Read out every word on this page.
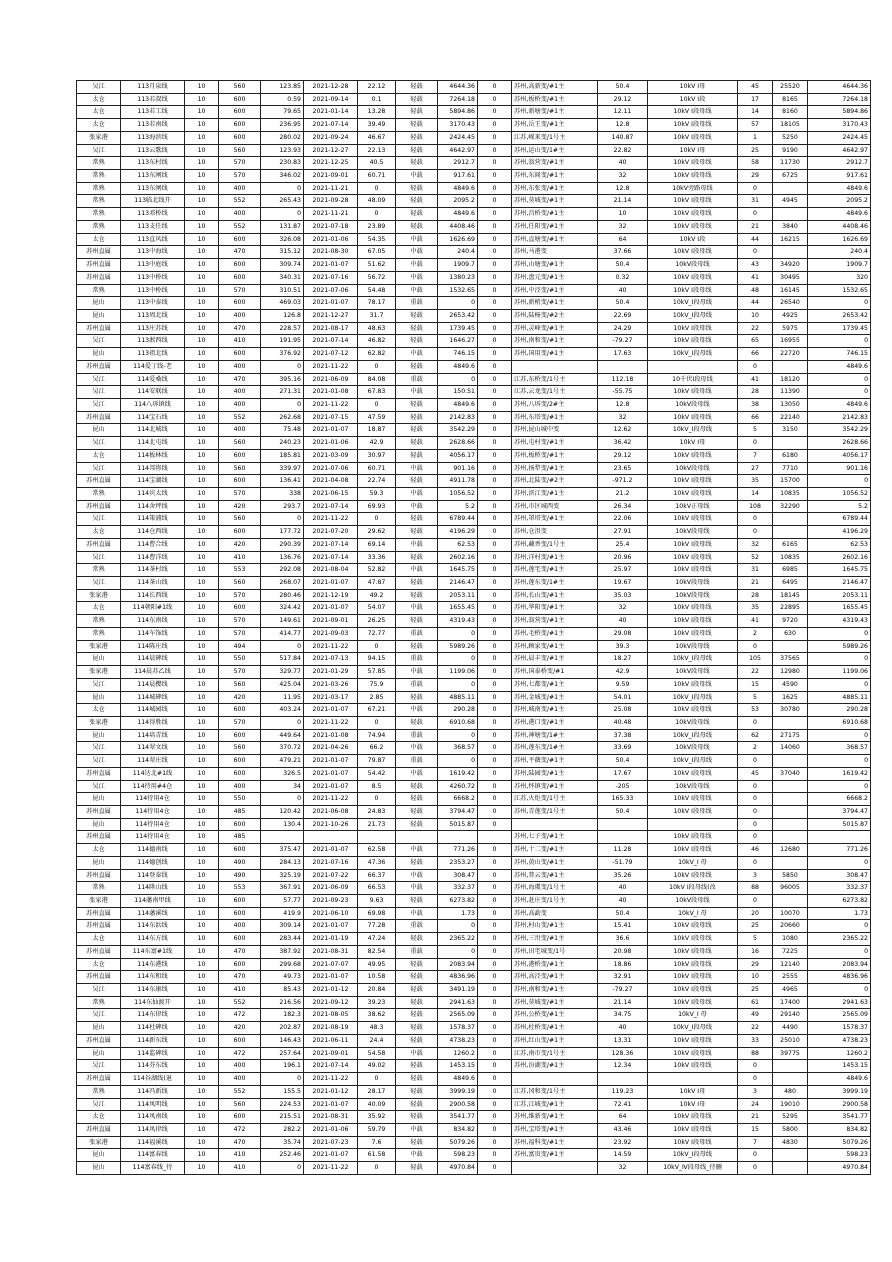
吴江	113月泉线	10	560	123.85	2021-12-28	22.12	轻载	4644.36	0	苏州,高新变/#1主	50.4	10kV I母	45	25520	4644.36
太仓	113若叔线	10	600	0.59	2021-09-14	0.1	轻载	7264.18	0	苏州,板桥变/#1主	29.12	10kV I段	17	8165	7264.18
太仓	113若工线	10	600	79.65	2021-01-14	13.28	轻载	5894.86	0	苏州,新塘变/#1主	12.11	10kV I段母线	14	8160	5894.86
太仓	113若南线	10	600	236.95	2021-07-14	39.49	轻载	3170.43	0	苏州,岳王变/#1主	12.8	10kV I段母线	57	18105	3170.43
张家港	113海滨线	10	600	280.02	2021-09-24	46.67	轻载	2424.45	0	江苏,嵘来变/1号主	140.87	10kV I段母线	1	5250	2424.45
吴江	113云歌线	10	560	123.93	2021-12-27	22.13	轻载	4642.97	0	苏州,运山变/1#主	22.82	10kV I母	25	9190	4642.97
常熟	113东村线	10	570	230.83	2021-12-25	40.5	轻载	2912.7	0	苏州,翁营变/#1主	40	10kV I段母线	58	11730	2912.7
常熟	113东闸线	10	570	346.02	2021-09-01	60.71	中载	917.61	0	苏州,东闾变/#1主	32	10kV I段母线	29	6725	917.61
常熟	113东闸线	10	400	0	2021-11-21	0	轻载	4849.6	0	苏州,东张变/#1主	12.8	10kV旁路母线	0		4849.6
常熟	113临北线开	10	552	265.43	2021-09-28	48.09	轻载	2095.2	0	苏州,莫城变/#1主	21.14	10kV I段母线	31	4945	2095.2
常熟	113邓桥线	10	400	0	2021-11-21	0	轻载	4849.6	0	苏州,昌桥变/#1主	10	10kV I段母线	0		4849.6
常熟	113支任线	10	552	131.87	2021-07-18	23.89	轻载	4408.46	0	苏州,任阳变/#1主	32	10kV I段母线	21	3840	4408.46
太仓	113直风线	10	600	326.08	2021-01-06	54.35	中载	1626.69	0	苏州,直塘变/#1主	64	10kV I段	44	16215	1626.69
苏州直属	113中海线	10	470	315.12	2021-08-30	67.05	中载	240.4	0	苏州,马港变	37.66	10kV I段母线	0		240.4
苏州直属	113中庭线	10	600	309.74	2021-01-07	51.62	中载	1909.7	0	苏州,山塘变/#1主	50.4	10kV段母线	43	34920	1909.7
苏州直属	113中桥线	10	600	340.31	2021-07-16	56.72	中载	1380.23	0	苏州,盘元变/#1主	0.32	10kV I段母线	41	30495	320
常熟	113中桥线	10	570	310.51	2021-07-06	54.48	中载	1532.65	0	苏州,中泾变/#1主	40	10kV I段母线	48	16145	1532.65
昆山	113中泰线	10	600	469.03	2021-01-07	78.17	重载	0	0	苏州,新梢变/#1主	50.4	10kV_I段母线	44	26540	0
昆山	113周北线	10	400	126.8	2021-12-27	31.7	轻载	2653.42	0	苏州,陆杨变/#2主	22.69	10kV_I段母线	10	4925	2653.42
苏州直属	113庄苏线	10	470	228.57	2021-08-17	48.63	轻载	1739.45	0	苏州,灵峰变/#1主	24.29	10kV I段母线	22	5975	1739.45
吴江	113淞西线	10	410	191.95	2021-07-14	46.82	轻载	1646.27	0	苏州,南和变/#1主	-79.27	10kV I段母线	65	16955	0
昆山	113祖北线	10	600	376.92	2021-07-12	62.82	中载	746.15	0	苏州,国用变/#1主	17.63	10kV_I段母线	66	22720	746.15
苏州直属	114爱丁线-老	10	400	0	2021-11-22	0	轻载	4849.6	0				0		4849.6
吴江	114爱桑线	10	470	395.16	2021-06-09	84.08	重载	0	0	江苏,东桥变/1号主	112.18	10千伏I段母线	41	18120	0
吴江	114安联线	10	400	271.31	2021-01-08	67.83	中载	150.51	0	江苏,云龙变/1号主	-55.75	10kV I段母线	28	11390	0
吴江	114八坼镇线	10	400	0	2021-11-22	0	轻载	4849.6	0	苏州,八坼变/2#主	12.8	10kV段母线	38	13050	4849.6
苏州直属	114宝石线	10	552	262.68	2021-07-15	47.59	轻载	2142.83	0	苏州,东塔变/#1主	32	10kV I段母线	66	22140	2142.83
昆山	114北城线	10	400	75.48	2021-01-07	18.87	轻载	3542.29	0	苏州,昆山城中变	12.62	10kV_I段母线	5	3150	3542.29
吴江	114北屯线	10	560	240.23	2021-01-06	42.9	轻载	2628.66	0	苏州,屯村变/#1主	36.42	10kV I母	0		2628.66
太仓	114板林线	10	600	185.81	2021-03-09	30.97	轻载	4056.17	0	苏州,板桥变/#1主	29.12	10kV I段母线	7	6180	4056.17
吴江	114邦将线	10	560	339.97	2021-07-06	60.71	中载	901.16	0	苏州,扬犁变/#1主	23.65	10kV段母线	27	7710	901.16
苏州直属	114宝湖线	10	600	136.41	2021-04-08	22.74	轻载	4911.78	0	苏州,北陆变/#2主	-971.2	10kV I段母线	35	15700	0
常熟	114宾太线	10	570	338	2021-06-15	59.3	中载	1056.52	0	苏州,滨江变/#1主	21.2	10kV I段母线	14	10835	1056.52
苏州直属	114舍坪线	10	420	293.7	2021-07-14	69.93	中载	5.2	0	苏州,市区城西变	26.34	10kV正母线	108	32290	5.2
吴江	114策浦线	10	560	0	2021-11-22	0	轻载	6789.44	0	苏州,罩塔变/#1主	22.06	10kV I段母线	0		6789.44
太仓	114仓西线	10	600	177.72	2021-07-20	29.62	轻载	4196.29	0	苏州,仓沮变	27.91	10kV段母线	0		4196.29
苏州直属	114曹合线	10	420	290.39	2021-07-14	69.14	中载	62.53	0	苏州,藏香变/1号主	25.4	10kV I段母线	32	6165	62.53
吴江	114曹洋线	10	410	136.76	2021-07-14	33.36	轻载	2602.16	0	苏州,洋村变/#1主	20.96	10kV I段母线	52	10835	2602.16
常熟	114茶村线	10	553	292.08	2021-08-04	52.82	中载	1645.75	0	苏州,莲宅变/#1主	25.97	10kV I段母线	31	6985	1645.75
吴江	114茶山线	10	560	268.07	2021-01-07	47.87	轻载	2146.47	0	苏州,莲东变/1#主	19.67	10kV段母线	21	6495	2146.47
张家港	114长西线	10	570	280.46	2021-12-19	49.2	轻载	2053.11	0	苏州,长山变/#1主	35.03	10kV段母线	28	18145	2053.11
太仓	114朝阳#1线	10	600	324.42	2021-01-07	54.07	中载	1655.45	0	苏州,华阳变/#1主	32	10kV I段母线	35	22895	1655.45
常熟	114东南线	10	570	149.61	2021-09-01	26.25	轻载	4319.43	0	苏州,翁营变/#1主	40	10kV I段母线	41	9720	4319.43
常熟	114车饰线	10	570	414.77	2021-09-03	72.77	重载	0	0	苏州,毛桥变/#1主	29.08	10kV I段母线	2	630	0
张家港	114陈庄线	10	494	0	2021-11-22	0	轻载	5989.26	0	苏州,顾家变/#1主	39.3	10kV段母线	0		5989.26
昆山	114晨碑线	10	550	517.84	2021-07-13	94.15	重载	0	0	苏州,晨丰变/#1主	18.27	10kV_I段母线	105	37565	0
张家港	114晨苏乙线	10	570	329.77	2021-01-29	57.85	中载	1199.06	0	苏州,国泰桥变/#1	42.9	10kV段母线	22	12980	1199.06
吴江	114晨樱线	10	560	425.04	2021-03-26	75.9	重载	0	0	苏州,七都变/#1主	9.59	10kV I段母线	15	4590	0
昆山	114城碑线	10	420	11.95	2021-03-17	2.85	轻载	4885.11	0	苏州,金城变/#1主	54.01	10kV_I段母线	5	1625	4885.11
太仓	114城园线	10	600	403.24	2021-01-07	67.21	中载	290.28	0	苏州,城南变/#1主	25.08	10kV I段母线	53	30780	290.28
张家港	114得胜线	10	570	0	2021-11-22	0	轻载	6910.68	0	苏州,港口变/#1主	40.48	10kV段母线	0		6910.68
昆山	114培青线	10	600	449.64	2021-01-08	74.94	重载	0	0	苏州,神塘变/1#主	37.38	10kV_I段母线	62	27175	0
吴江	114翠文线	10	560	370.72	2021-04-26	66.2	中载	368.57	0	苏州,莲东变/1#主	33.69	10kV段母线	2	14060	368.57
吴江	114翠庄线	10	600	479.21	2021-01-07	79.87	重载	0	0	苏州,平薇变/#1主	50.4	10kV_I段母线	0		0
苏州直属	114达北#1线	10	600	326.5	2021-01-07	54.42	中载	1619.42	0	苏州,陆园变/#1主	17.67	10kV I段母线	45	37040	1619.42
吴江	114待用#4仓	10	400	34	2021-01-07	8.5	轻载	4260.72	0	苏州,怀镇变/#1主	-205	10kV段母线	0		0
昆山	114待用4仓	10	550	0	2021-11-22	0	轻载	6668.2	0	江苏,火炬变/1号主	165.33	10kV I段母线	0		6668.2
苏州直属	114待用4仓	10	485	120.42	2021-06-08	24.83	轻载	3794.47	0	苏州,青莲变/1号主	50.4	10kV I段母线	0		3794.47
昆山	114待用4仓	10	600	130.4	2021-10-26	21.73	轻载	5015.87	0				0		5015.87
苏州直属	114待用4仓	10	485							苏州,七子变/#1主		10kV I段母线	0		
太仓	114德南线	10	600	375.47	2021-01-07	62.58	中载	771.26	0	苏州,十二变/#1主	11.28	10kV I段母线	46	12680	771.26
昆山	114德创线	10	490	284.13	2021-07-16	47.36	轻载	2353.27	0	苏州,黄山变/#1主	-51.79	10kV_I 母	0		0
苏州直属	114登泰线	10	490	325.19	2021-07-22	66.37	中载	308.47	0	苏州,普云变/#1主	35.26	10kV I段母线	3	5850	308.47
常熟	114陞山线	10	553	367.91	2021-06-09	66.53	中载	332.37	0	苏州,海虞变/1号主	40	10kV I段母线(改	88	96005	332.37
张家港	114藩南甲线	10	600	57.77	2021-09-23	9.63	轻载	6273.82	0	苏州,赶庄变/1号主	40	10kV段母线	0		6273.82
苏州直属	114藩溪线	10	600	419.9	2021-06-10	69.98	中载	1.73	0	苏州,高勐变	50.4	10kV_I 母	20	10070	1.73
苏州直属	114东浜线	10	400	309.14	2021-01-07	77.28	重载	0	0	苏州,村山变/#1主	15.41	10kV I段母线	25	20660	0
太仓	114东方线	10	600	283.44	2021-01-19	47.24	轻载	2365.22	0	苏州,三卅变/#1主	36.6	10kV I段母线	5	1080	2365.22
苏州直属	114东富#1线	10	470	387.92	2021-08-31	82.54	重载	0	0	苏州,田宅城变/1号	20.98	10kV I段母线	16	7225	0
太仓	114东港线	10	600	299.68	2021-07-07	49.95	轻载	2083.94	0	苏州,港桥变/#1主	18.86	10kV I段母线	29	12140	2083.94
苏州直属	114东和线	10	470	49.73	2021-01-07	10.58	轻载	4836.96	0	苏州,高泾变/#1主	32.91	10kV I段母线	10	2555	4836.96
吴江	114东康线	10	410	85.43	2021-01-12	20.84	轻载	3491.19	0	苏州,南和变/#1主	-79.27	10kV I段母线	25	4965	0
常熟	114东仙渡开	10	552	216.56	2021-09-12	39.23	轻载	2941.63	0	苏州,莫城变/#1主	21.14	10kV I段母线	61	17400	2941.63
吴江	114东律线	10	472	182.3	2021-08-05	38.62	轻载	2565.09	0	苏州,公桥变/#1主	34.75	10kV_I 母	49	29140	2565.09
昆山	114杜碑线	10	420	202.87	2021-08-19	48.3	轻载	1578.37	0	苏州,杜桥变/#1主	40	10kV_I段母线	22	4490	1578.37
苏州直属	114新东线	10	600	146.43	2021-06-11	24.4	轻载	4738.23	0	苏州,红山变/#1主	13.31	10kV I段母线	33	25010	4738.23
昆山	114监碑线	10	472	257.64	2021-09-01	54.58	中载	1260.2	0	江苏,南市变/1号主	128.36	10kV I段母线	88	39775	1260.2
吴江	114芬东线	10	400	196.1	2021-07-14	49.02	轻载	1453.15	0	苏州,汾湖变/#1主	12.34	10kV I段母线	0		1453.15
苏州直属	114谷湖线(退	10	400	0	2021-11-22	0	轻载	4849.6	0				0		4849.6
常熟	114冯新线	10	552	155.5	2021-01-12	28.17	轻载	3999.19	0	江苏,冈和变/1号主	119.23	10kV I母	3	480	3999.19
吴江	114凤明线	10	560	224.53	2021-01-07	40.09	轻载	2900.58	0	江苏,江城变/#1主	72.41	10kV I母	24	19010	2900.58
太仓	114凤南线	10	600	215.51	2021-08-31	35.92	轻载	3541.77	0	苏州,维新变/#1主	64	10kV I段母线	21	5295	3541.77
苏州直属	114凤律线	10	472	282.2	2021-01-06	59.79	中载	834.82	0	苏州,宝塔变/#1主	43.46	10kV I段母线	15	5800	834.82
张家港	114福溪线	10	470	35.74	2021-07-23	7.6	轻载	5079.26	0	苏州,福科变/#1主	23.92	10kV I段母线	7	4830	5079.26
昆山	114富春线	10	410	252.46	2021-01-07	61.58	中载	598.23	0	苏州,富贵变/#1主	14.59	10kV_I段母线	0		598.23
昆山	114富春线_待	10	410	0	2021-11-22	0	轻载	4970.84	0		32	10kV_Ⅳ段母线_待删	0		4970.84
